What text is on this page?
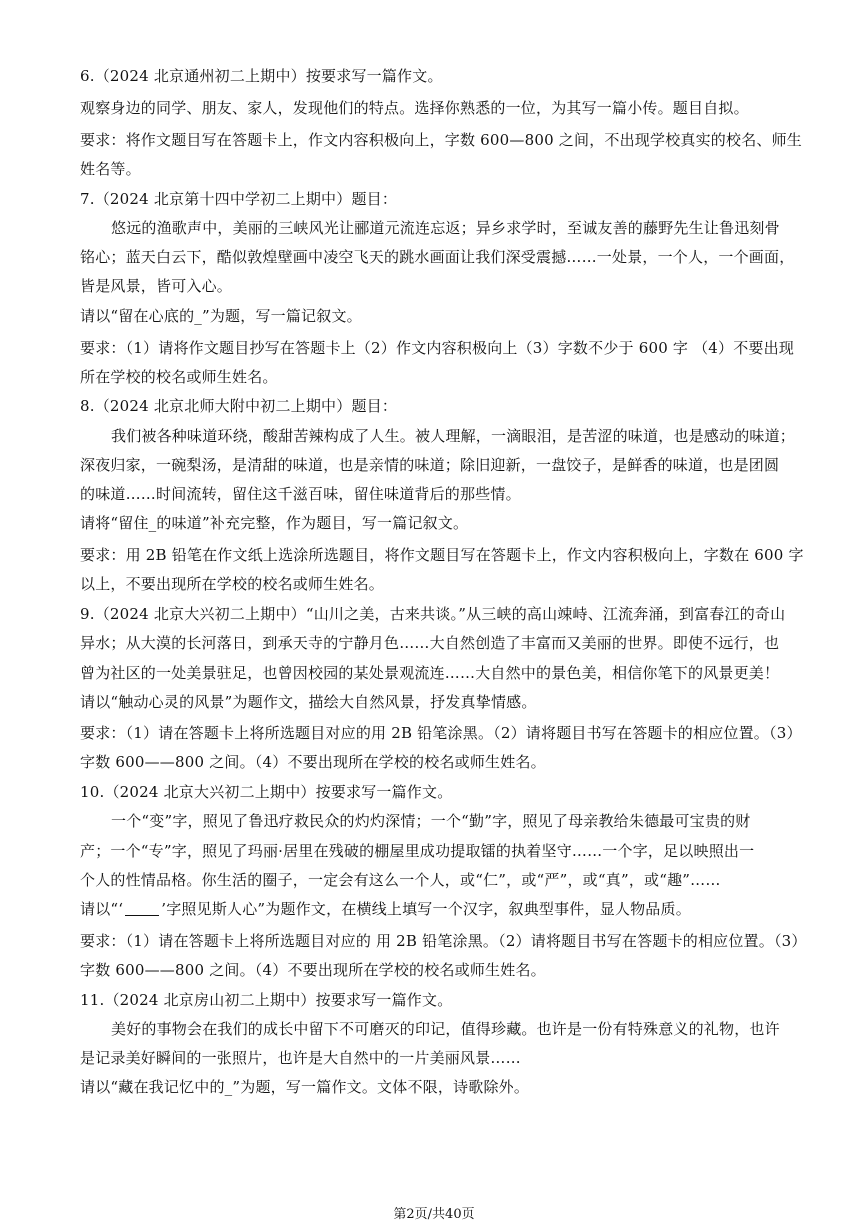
6.（2024 北京通州初二上期中）按要求写一篇作文。
观察身边的同学、朋友、家人，发现他们的特点。选择你熟悉的一位，为其写一篇小传。题目自拟。
要求：将作文题目写在答题卡上，作文内容积极向上，字数 600—800 之间，不出现学校真实的校名、师生
姓名等。
7.（2024 北京第十四中学初二上期中）题目：
悠远的渔歌声中，美丽的三峡风光让郦道元流连忘返；异乡求学时，至诚友善的藤野先生让鲁迅刻骨
铭心；蓝天白云下，酷似敦煌壁画中凌空飞天的跳水画面让我们深受震撼……一处景，一个人，一个画面，
皆是风景，皆可入心。
请以“留在心底的_”为题，写一篇记叙文。
要求：（1）请将作文题目抄写在答题卡上（2）作文内容积极向上（3）字数不少于 600 字 （4）不要出现
所在学校的校名或师生姓名。
8.（2024 北京北师大附中初二上期中）题目：
我们被各种味道环绕，酸甜苦辣构成了人生。被人理解，一滴眼泪，是苦涩的味道，也是感动的味道；
深夜归家，一碗梨汤，是清甜的味道，也是亲情的味道；除旧迎新，一盘饺子，是鲜香的味道，也是团圆
的味道……时间流转，留住这千滋百味，留住味道背后的那些情。
请将“留住_的味道”补充完整，作为题目，写一篇记叙文。
要求：用 2B 铅笔在作文纸上选涂所选题目，将作文题目写在答题卡上，作文内容积极向上，字数在 600 字
以上，不要出现所在学校的校名或师生姓名。
9.（2024 北京大兴初二上期中）“山川之美，古来共谈。”从三峡的高山竦峙、江流奔涌，到富春江的奇山
异水；从大漠的长河落日，到承天寺的宁静月色……大自然创造了丰富而又美丽的世界。即使不远行，也
曾为社区的一处美景驻足，也曾因校园的某处景观流连……大自然中的景色美，相信你笔下的风景更美！
请以“触动心灵的风景”为题作文，描绘大自然风景，抒发真挚情感。
要求：（1）请在答题卡上将所选题目对应的用 2B 铅笔涂黑。（2）请将题目书写在答题卡的相应位置。（3）
字数 600——800 之间。（4）不要出现所在学校的校名或师生姓名。
10.（2024 北京大兴初二上期中）按要求写一篇作文。
一个“变”字，照见了鲁迅疗救民众的灼灼深情；一个“勤”字，照见了母亲教给朱德最可宝贵的财
产；一个“专”字，照见了玛丽·居里在残破的棚屋里成功提取镭的执着坚守……一个字，足以映照出一
个人的性情品格。你生活的圈子，一定会有这么一个人，或“仁”，或“严”，或“真”，或“趣”……
请以“‘	’字照见斯人心”为题作文，在横线上填写一个汉字，叙典型事件，显人物品质。
要求：（1）请在答题卡上将所选题目对应的 用 2B 铅笔涂黑。（2）请将题目书写在答题卡的相应位置。（3）
字数 600——800 之间。（4）不要出现所在学校的校名或师生姓名。
11.（2024 北京房山初二上期中）按要求写一篇作文。
美好的事物会在我们的成长中留下不可磨灭的印记，值得珍藏。也许是一份有特殊意义的礼物，也许
是记录美好瞬间的一张照片，也许是大自然中的一片美丽风景……
请以“藏在我记忆中的_”为题，写一篇作文。文体不限，诗歌除外。
第2页/共40页
